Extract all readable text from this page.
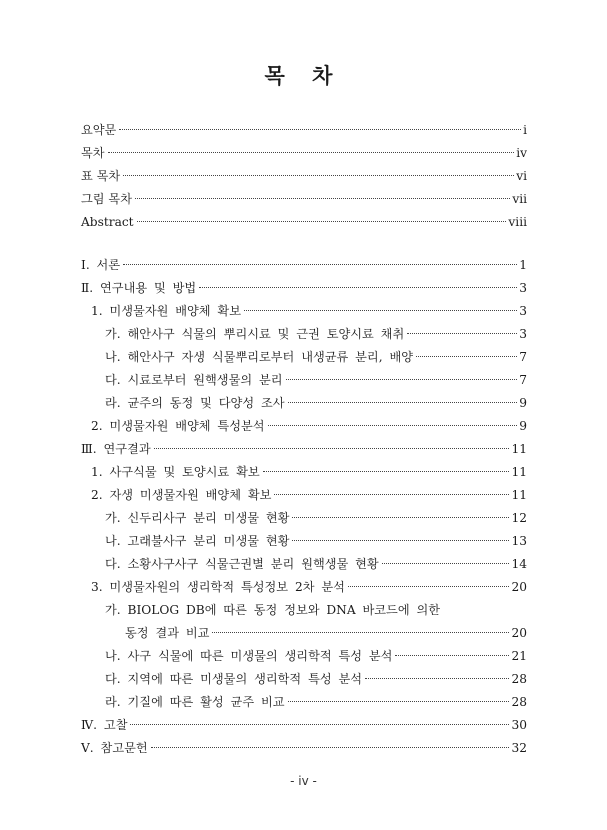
목 차
요약문	i
목차	iv
표 목차	vi
그림 목차	vii
Abstract	viii
Ⅰ. 서론	1
Ⅱ. 연구내용 및 방법	3
1. 미생물자원 배양체 확보	3
가. 해안사구 식물의 뿌리시료 및 근권 토양시료 채취	3
나. 해안사구 자생 식물뿌리로부터 내생균류 분리, 배양	7
다. 시료로부터 원핵생물의 분리	7
라. 균주의 동정 및 다양성 조사	9
2. 미생물자원 배양체 특성분석	9
Ⅲ. 연구결과	11
1. 사구식물 및 토양시료 확보	11
2. 자생 미생물자원 배양체 확보	11
가. 신두리사구 분리 미생물 현황	12
나. 고래불사구 분리 미생물 현황	13
다. 소황사구사구 식물근권별 분리 원핵생물 현황	14
3. 미생물자원의 생리학적 특성정보 2차 분석	20
가. BIOLOG DB에 따른 동정 정보와 DNA 바코드에 의한
동정 결과 비교	20
나. 사구 식물에 따른 미생물의 생리학적 특성 분석	21
다. 지역에 따른 미생물의 생리학적 특성 분석	28
라. 기질에 따른 활성 균주 비교	28
Ⅳ. 고찰	30
Ⅴ. 참고문헌	32
- iv -
